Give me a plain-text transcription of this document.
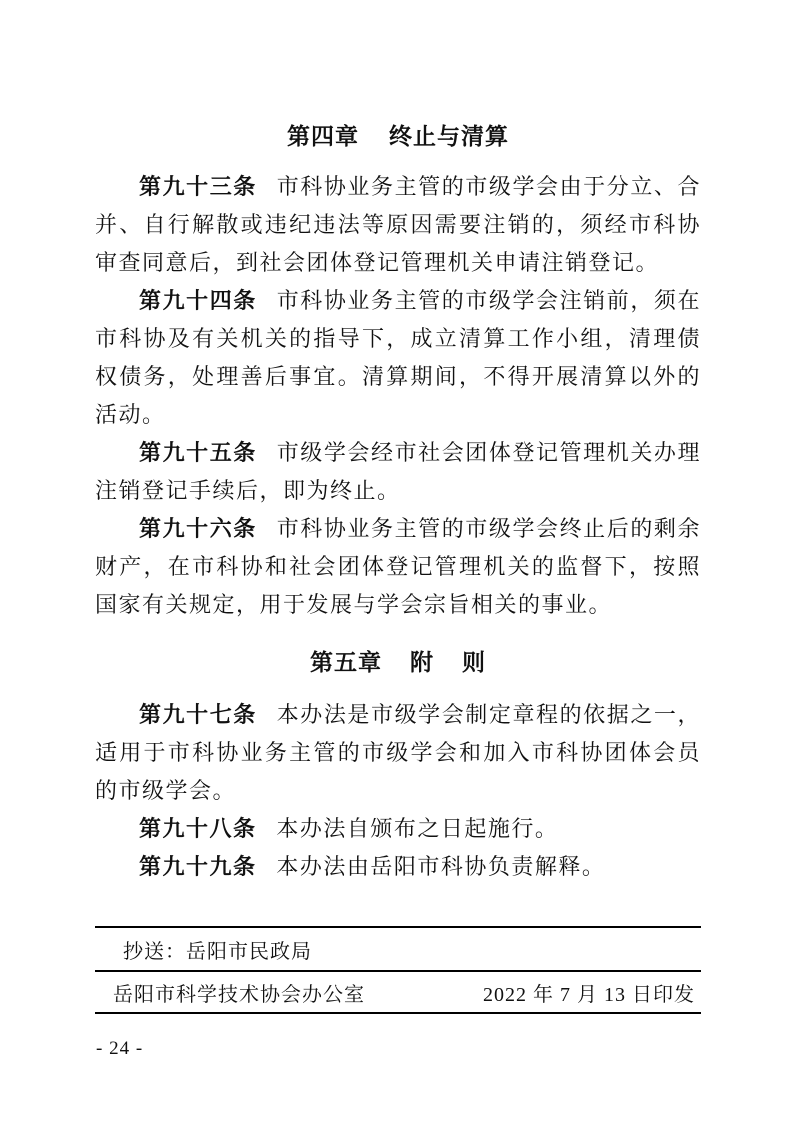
第四章 终止与清算

第九十三条 市科协业务主管的市级学会由于分立、合并、自行解散或违纪违法等原因需要注销的，须经市科协审查同意后，到社会团体登记管理机关申请注销登记。

第九十四条 市科协业务主管的市级学会注销前，须在市科协及有关机关的指导下，成立清算工作小组，清理债权债务，处理善后事宜。清算期间，不得开展清算以外的活动。

第九十五条 市级学会经市社会团体登记管理机关办理注销登记手续后，即为终止。

第九十六条 市科协业务主管的市级学会终止后的剩余财产，在市科协和社会团体登记管理机关的监督下，按照国家有关规定，用于发展与学会宗旨相关的事业。

第五章 附 则

第九十七条 本办法是市级学会制定章程的依据之一，适用于市科协业务主管的市级学会和加入市科协团体会员的市级学会。

第九十八条 本办法自颁布之日起施行。

第九十九条 本办法由岳阳市科协负责解释。

抄送：岳阳市民政局
岳阳市科学技术协会办公室	2022 年 7 月 13 日印发
- 24 -
